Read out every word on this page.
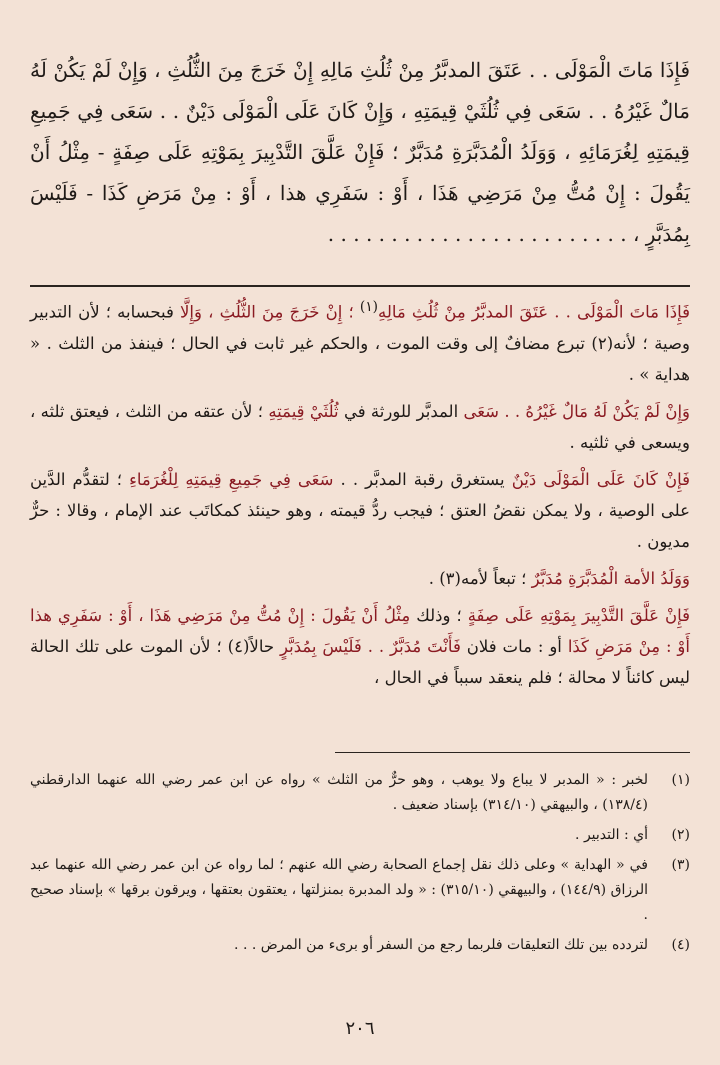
فَإِذَا مَاتَ الْمَوْلَى . . عَتَقَ المدبَّرُ مِنْ ثُلُثِ مَالِهِ إِنْ خَرَجَ مِنَ الثُّلُثِ ، وَإِنْ لَمْ يَكُنْ لَهُ مَالٌ غَيْرُهُ . . سَعَى فِي ثُلُثَيْ قِيمَتِهِ ، وَإِنْ كَانَ عَلَى الْمَوْلَى دَيْنٌ . . سَعَى فِي جَمِيعِ قِيمَتِهِ لِغُرَمَائِهِ ، وَوَلَدُ الْمُدَبَّرَةِ مُدَبَّرٌ ؛ فَإِنْ عَلَّقَ التَّدْبِيرَ بِمَوْتِهِ عَلَى صِفَةٍ - مِثْلُ أَنْ يَقُولَ : إِنْ مُتُّ مِنْ مَرَضِي هَذَا ، أَوْ : سَفَرِي هذا ، أَوْ : مِنْ مَرَضِ كَذَا - فَلَيْسَ بِمُدَبَّرٍ ، . . . . . . . . . . . . . . . . . . . . . . . .

فَإِذَا مَاتَ الْمَوْلَى . . عَتَقَ المدبَّرُ مِنْ ثُلُثِ مَالِهِ$^{(١)}$ ؛ إِنْ خَرَجَ مِنَ الثُّلُثِ ، وَإِلَّا فبحسابه ؛ لأن التدبير وصية ؛ لأنه(٢) تبرع مضافٌ إلى وقت الموت ، والحكم غير ثابت في الحال ؛ فينفذ من الثلث . « هداية » .

وَإِنْ لَمْ يَكُنْ لَهُ مَالٌ غَيْرُهُ . . سَعَى المدبَّر للورثة في ثُلُثَيْ قِيمَتِهِ ؛ لأن عتقه من الثلث ، فيعتق ثلثه ، ويسعى في ثلثيه .

فَإِنْ كَانَ عَلَى الْمَوْلَى دَيْنٌ يستغرق رقبة المدبَّر . . سَعَى فِي جَمِيعِ قِيمَتِهِ لِلْغُرَمَاءِ ؛ لتقدُّم الدَّين على الوصية ، ولا يمكن نقضُ العتق ؛ فيجب ردُّ قيمته ، وهو حينئذ كمكاتَب عند الإمام ، وقالا : حرٌّ مديون .

وَوَلَدُ الأمة الْمُدَبَّرَةِ مُدَبَّرٌ ؛ تبعاً لأمه(٣) .

فَإِنْ عَلَّقَ التَّدْبِيرَ بِمَوْتِهِ عَلَى صِفَةٍ ؛ وذلك مِثْلُ أَنْ يَقُولَ : إِنْ مُتُّ مِنْ مَرَضِي هَذَا ، أَوْ : سَفَرِي هذا أَوْ : مِنْ مَرَضِ كَذَا أو : مات فلان فَأَنْتَ مُدَبَّرٌ . . فَلَيْسَ بِمُدَبَّرٍ حالاً(٤) ؛ لأن الموت على تلك الحالة ليس كائناً لا محالة ؛ فلم ينعقد سبباً في الحال ،

(١)
لخبر : « المدبر لا يباع ولا يوهب ، وهو حرٌّ من الثلث » رواه عن ابن عمر رضي الله عنهما الدارقطني (١٣٨/٤) ، والبيهقي (٣١٤/١٠) بإسناد ضعيف .
(٢)
أي : التدبير .
(٣)
في « الهداية » وعلى ذلك نقل إجماع الصحابة رضي الله عنهم ؛ لما رواه عن ابن عمر رضي الله عنهما عبد الرزاق (١٤٤/٩) ، والبيهقي (٣١٥/١٠) : « ولد المدبرة بمنزلتها ، يعتقون بعتقها ، ويرقون برقها » بإسناد صحيح .
(٤)
لتردده بين تلك التعليقات فلربما رجع من السفر أو برىء من المرض . . .
٢٠٦
